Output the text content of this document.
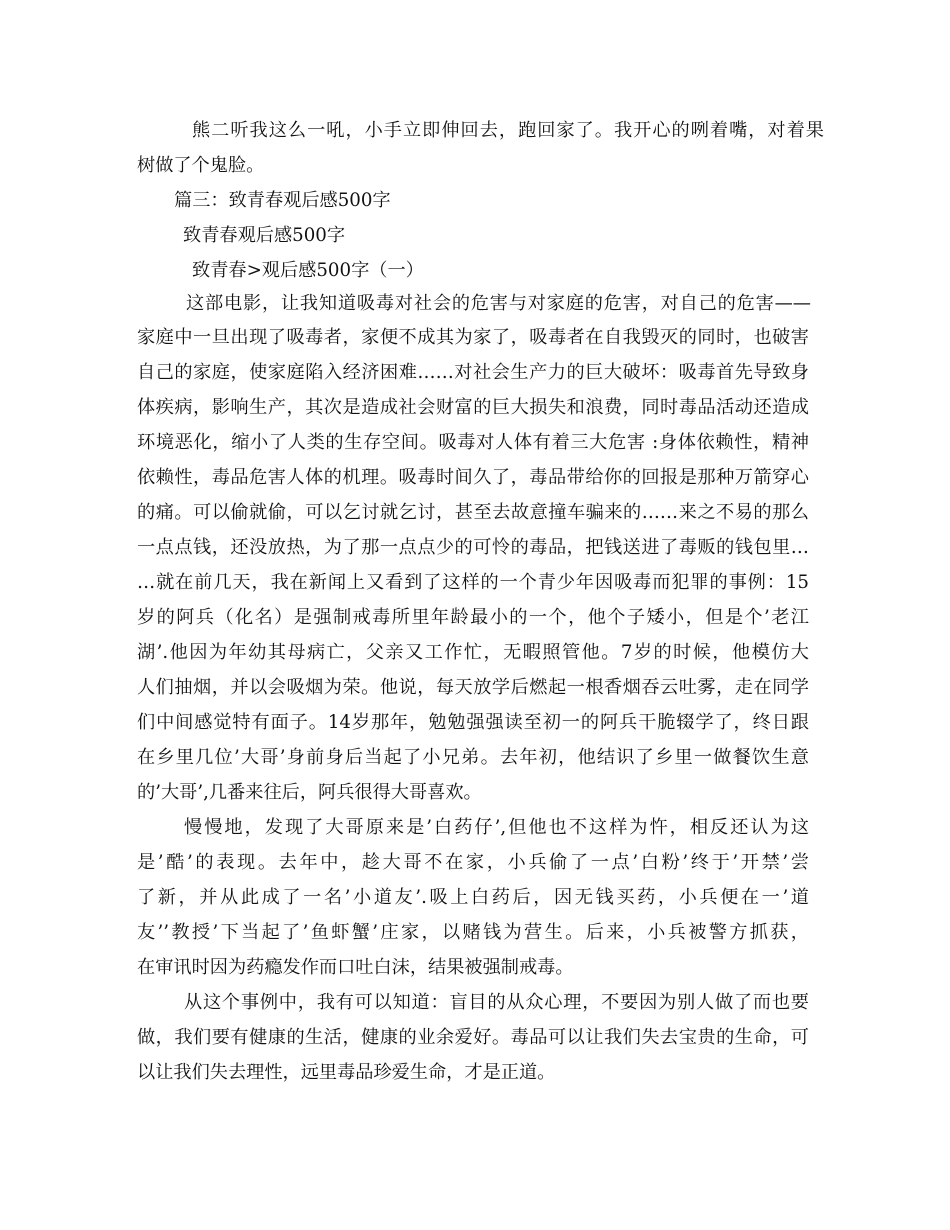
熊二听我这么一吼，小手立即伸回去，跑回家了。我开心的咧着嘴，对着果

树做了个鬼脸。

篇三：致青春观后感500字

致青春观后感500字

致青春>观后感500字（一）

这部电影，让我知道吸毒对社会的危害与对家庭的危害，对自己的危害——

家庭中一旦出现了吸毒者，家便不成其为家了，吸毒者在自我毁灭的同时，也破害

自己的家庭，使家庭陷入经济困难……对社会生产力的巨大破坏：吸毒首先导致身

体疾病，影响生产，其次是造成社会财富的巨大损失和浪费，同时毒品活动还造成

环境恶化，缩小了人类的生存空间。吸毒对人体有着三大危害 :身体依赖性，精神

依赖性，毒品危害人体的机理。吸毒时间久了，毒品带给你的回报是那种万箭穿心

的痛。可以偷就偷，可以乞讨就乞讨，甚至去故意撞车骗来的……来之不易的那么

一点点钱，还没放热，为了那一点点少的可怜的毒品，把钱送进了毒贩的钱包里…

…就在前几天，我在新闻上又看到了这样的一个青少年因吸毒而犯罪的事例：15

岁的阿兵（化名）是强制戒毒所里年龄最小的一个，他个子矮小，但是个’老江

湖’.他因为年幼其母病亡，父亲又工作忙，无暇照管他。7岁的时候，他模仿大

人们抽烟，并以会吸烟为荣。他说，每天放学后燃起一根香烟吞云吐雾，走在同学

们中间感觉特有面子。14岁那年，勉勉强强读至初一的阿兵干脆辍学了，终日跟

在乡里几位’大哥’身前身后当起了小兄弟。去年初，他结识了乡里一做餐饮生意

的’大哥’,几番来往后，阿兵很得大哥喜欢。

慢慢地，发现了大哥原来是’白药仔’,但他也不这样为忤，相反还认为这

是’酷’的表现。去年中，趁大哥不在家，小兵偷了一点’白粉’终于’开禁’尝

了新，并从此成了一名’小道友’.吸上白药后，因无钱买药，小兵便在一’道

友’’教授’下当起了’鱼虾蟹’庄家，以赌钱为营生。后来，小兵被警方抓获，

在审讯时因为药瘾发作而口吐白沫，结果被强制戒毒。

从这个事例中，我有可以知道：盲目的从众心理，不要因为别人做了而也要

做，我们要有健康的生活，健康的业余爱好。毒品可以让我们失去宝贵的生命，可

以让我们失去理性，远里毒品珍爱生命，才是正道。
